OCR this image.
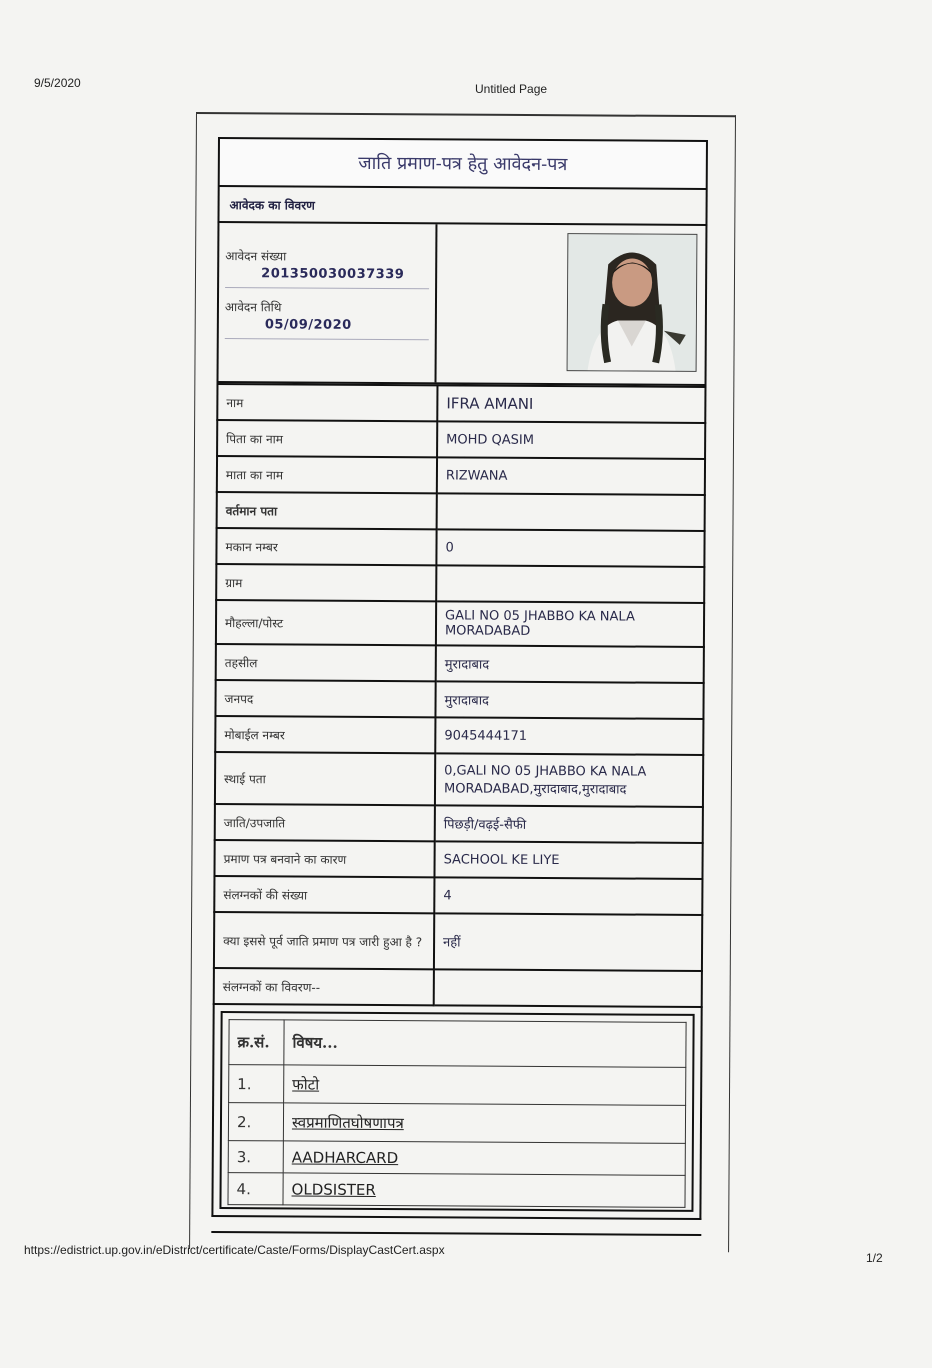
9/5/2020	Untitled Page
जाति प्रमाण-पत्र हेतु आवेदन-पत्र
आवेदक का विवरण
आवेदन संख्या
201350030037339
आवेदन तिथि
05/09/2020
नाम	IFRA AMANI
पिता का नाम	MOHD QASIM
माता का नाम	RIZWANA
वर्तमान पता	
मकान नम्बर	0
ग्राम	
मौहल्ला/पोस्ट	GALI NO 05 JHABBO KA NALA MORADABAD
तहसील	मुरादाबाद
जनपद	मुरादाबाद
मोबाईल नम्बर	9045444171
स्थाई पता	0,GALI NO 05 JHABBO KA NALA MORADABAD,मुरादाबाद,मुरादाबाद
जाति/उपजाति	पिछड़ी/वढ़ई-सैफी
प्रमाण पत्र बनवाने का कारण	SACHOOL KE LIYE
संलग्नकों की संख्या	4
क्या इससे पूर्व जाति प्रमाण पत्र जारी हुआ है ?	नहीं
संलग्नकों का विवरण--	
क्र.सं.	विषय...
1.	फोटो
2.	स्वप्रमाणितघोषणापत्र
3.	AADHARCARD
4.	OLDSISTER
https://edistrict.up.gov.in/eDistrict/certificate/Caste/Forms/DisplayCastCert.aspx
1/2
